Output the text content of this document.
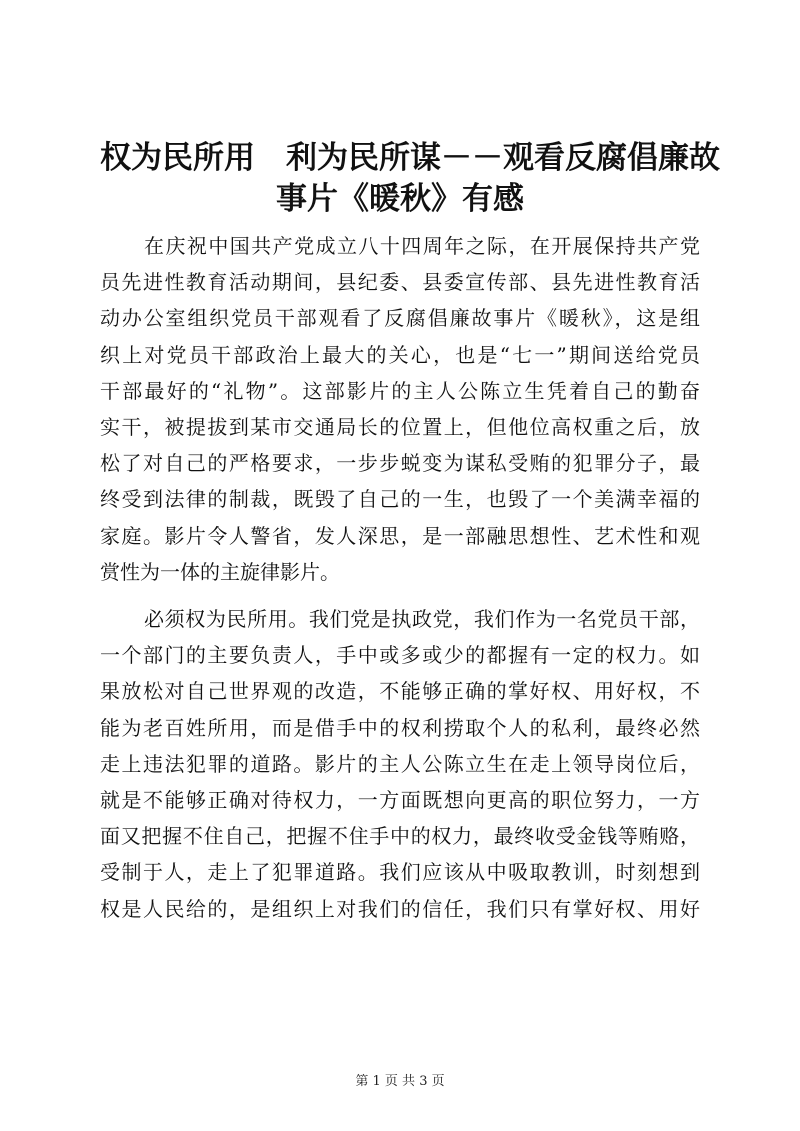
权为民所用　利为民所谋－－观看反腐倡廉故
事片《暖秋》有感
在庆祝中国共产党成立八十四周年之际，在开展保持共产党
员先进性教育活动期间，县纪委、县委宣传部、县先进性教育活
动办公室组织党员干部观看了反腐倡廉故事片《暖秋》，这是组
织上对党员干部政治上最大的关心，也是“七一”期间送给党员
干部最好的“礼物”。这部影片的主人公陈立生凭着自己的勤奋
实干，被提拔到某市交通局长的位置上，但他位高权重之后，放
松了对自己的严格要求，一步步蜕变为谋私受贿的犯罪分子，最
终受到法律的制裁，既毁了自己的一生，也毁了一个美满幸福的
家庭。影片令人警省，发人深思，是一部融思想性、艺术性和观
赏性为一体的主旋律影片。
必须权为民所用。我们党是执政党，我们作为一名党员干部，
一个部门的主要负责人，手中或多或少的都握有一定的权力。如
果放松对自己世界观的改造，不能够正确的掌好权、用好权，不
能为老百姓所用，而是借手中的权利捞取个人的私利，最终必然
走上违法犯罪的道路。影片的主人公陈立生在走上领导岗位后，
就是不能够正确对待权力，一方面既想向更高的职位努力，一方
面又把握不住自己，把握不住手中的权力，最终收受金钱等贿赂，
受制于人，走上了犯罪道路。我们应该从中吸取教训，时刻想到
权是人民给的，是组织上对我们的信任，我们只有掌好权、用好
第 1 页 共 3 页
